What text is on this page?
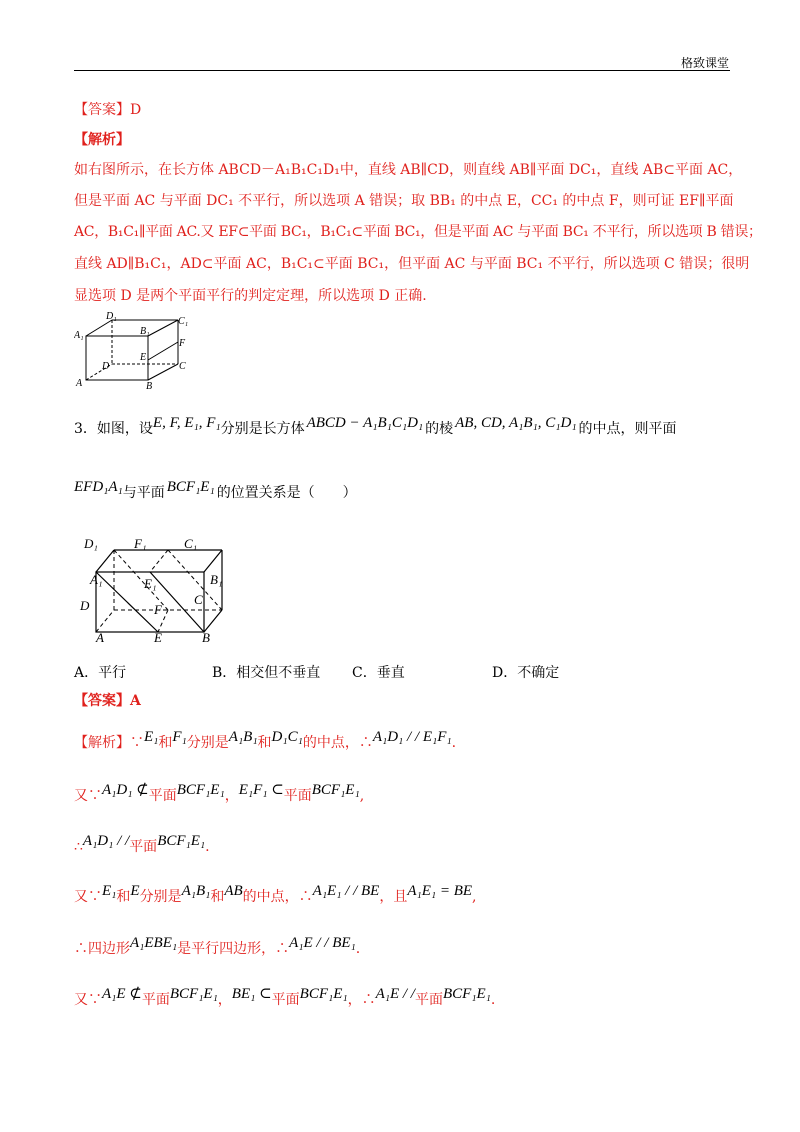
格致课堂
【答案】D
【解析】
如右图所示，在长方体 ABCD－A₁B₁C₁D₁中，直线 AB∥CD，则直线 AB∥平面 DC₁，直线 AB⊂平面 AC，
但是平面 AC 与平面 DC₁ 不平行，所以选项 A 错误；取 BB₁ 的中点 E，CC₁ 的中点 F，则可证 EF∥平面
AC，B₁C₁∥平面 AC.又 EF⊂平面 BC₁，B₁C₁⊂平面 BC₁，但是平面 AC 与平面 BC₁ 不平行，所以选项 B 错误；
直线 AD∥B₁C₁，AD⊂平面 AC，B₁C₁⊂平面 BC₁，但平面 AC 与平面 BC₁ 不平行，所以选项 C 错误；很明
显选项 D 是两个平面平行的判定定理，所以选项 D 正确.
A₁
D₁
B₁
C₁
F
E
D	C
A	B
3．如图，设E, F, E₁, F₁分别是长方体 ABCD − A₁B₁C₁D₁ 的棱 AB, CD, A₁B₁, C₁D₁ 的中点，则平面
EFD₁A₁与平面 BCF₁E₁ 的位置关系是（　　）
D₁	F₁	C₁
A₁	E₁	B₁
D	C
F
A	E	B
A．平行	B．相交但不垂直 C．垂直	D．不确定
【答案】A
【解析】∵E₁和F₁分别是A₁B₁和D₁C₁的中点，∴A₁D₁ / / E₁F₁.
又∵A₁D₁ ⊄平面BCF₁E₁，E₁F₁ ⊂平面BCF₁E₁,
∴A₁D₁ / /平面BCF₁E₁.
又∵E₁和E分别是A₁B₁和AB的中点，∴A₁E₁ / / BE，且A₁E₁ = BE,
∴四边形A₁EBE₁是平行四边形，∴A₁E / / BE₁.
又∵A₁E ⊄平面BCF₁E₁，BE₁ ⊂平面BCF₁E₁，∴A₁E / /平面BCF₁E₁.
